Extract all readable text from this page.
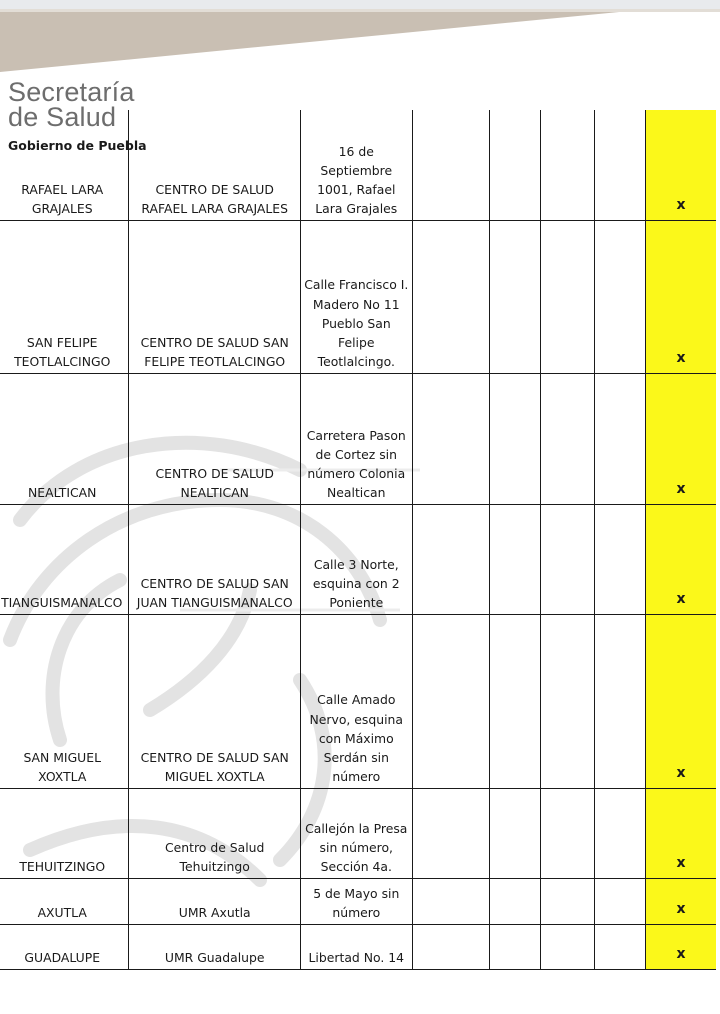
Secretaría
de Salud
Gobierno de Puebla
RAFAEL LARA GRAJALES	CENTRO DE SALUD RAFAEL LARA GRAJALES	16 de Septiembre 1001, Rafael Lara Grajales					x
SAN FELIPE TEOTLALCINGO	CENTRO DE SALUD SAN FELIPE TEOTLALCINGO	Calle Francisco I. Madero No 11 Pueblo San Felipe Teotlalcingo.					x
NEALTICAN	CENTRO DE SALUD NEALTICAN	Carretera Pason de Cortez sin número Colonia Nealtican					x
TIANGUISMANALCO	CENTRO DE SALUD SAN JUAN TIANGUISMANALCO	Calle 3 Norte, esquina con 2 Poniente					x
SAN MIGUEL XOXTLA	CENTRO DE SALUD SAN MIGUEL XOXTLA	Calle Amado Nervo, esquina con Máximo Serdán sin número					x
TEHUITZINGO	Centro de Salud Tehuitzingo	Callejón la Presa sin número, Sección 4a.					x
AXUTLA	UMR Axutla	5 de Mayo sin número					x
GUADALUPE	UMR Guadalupe	Libertad No. 14					x
